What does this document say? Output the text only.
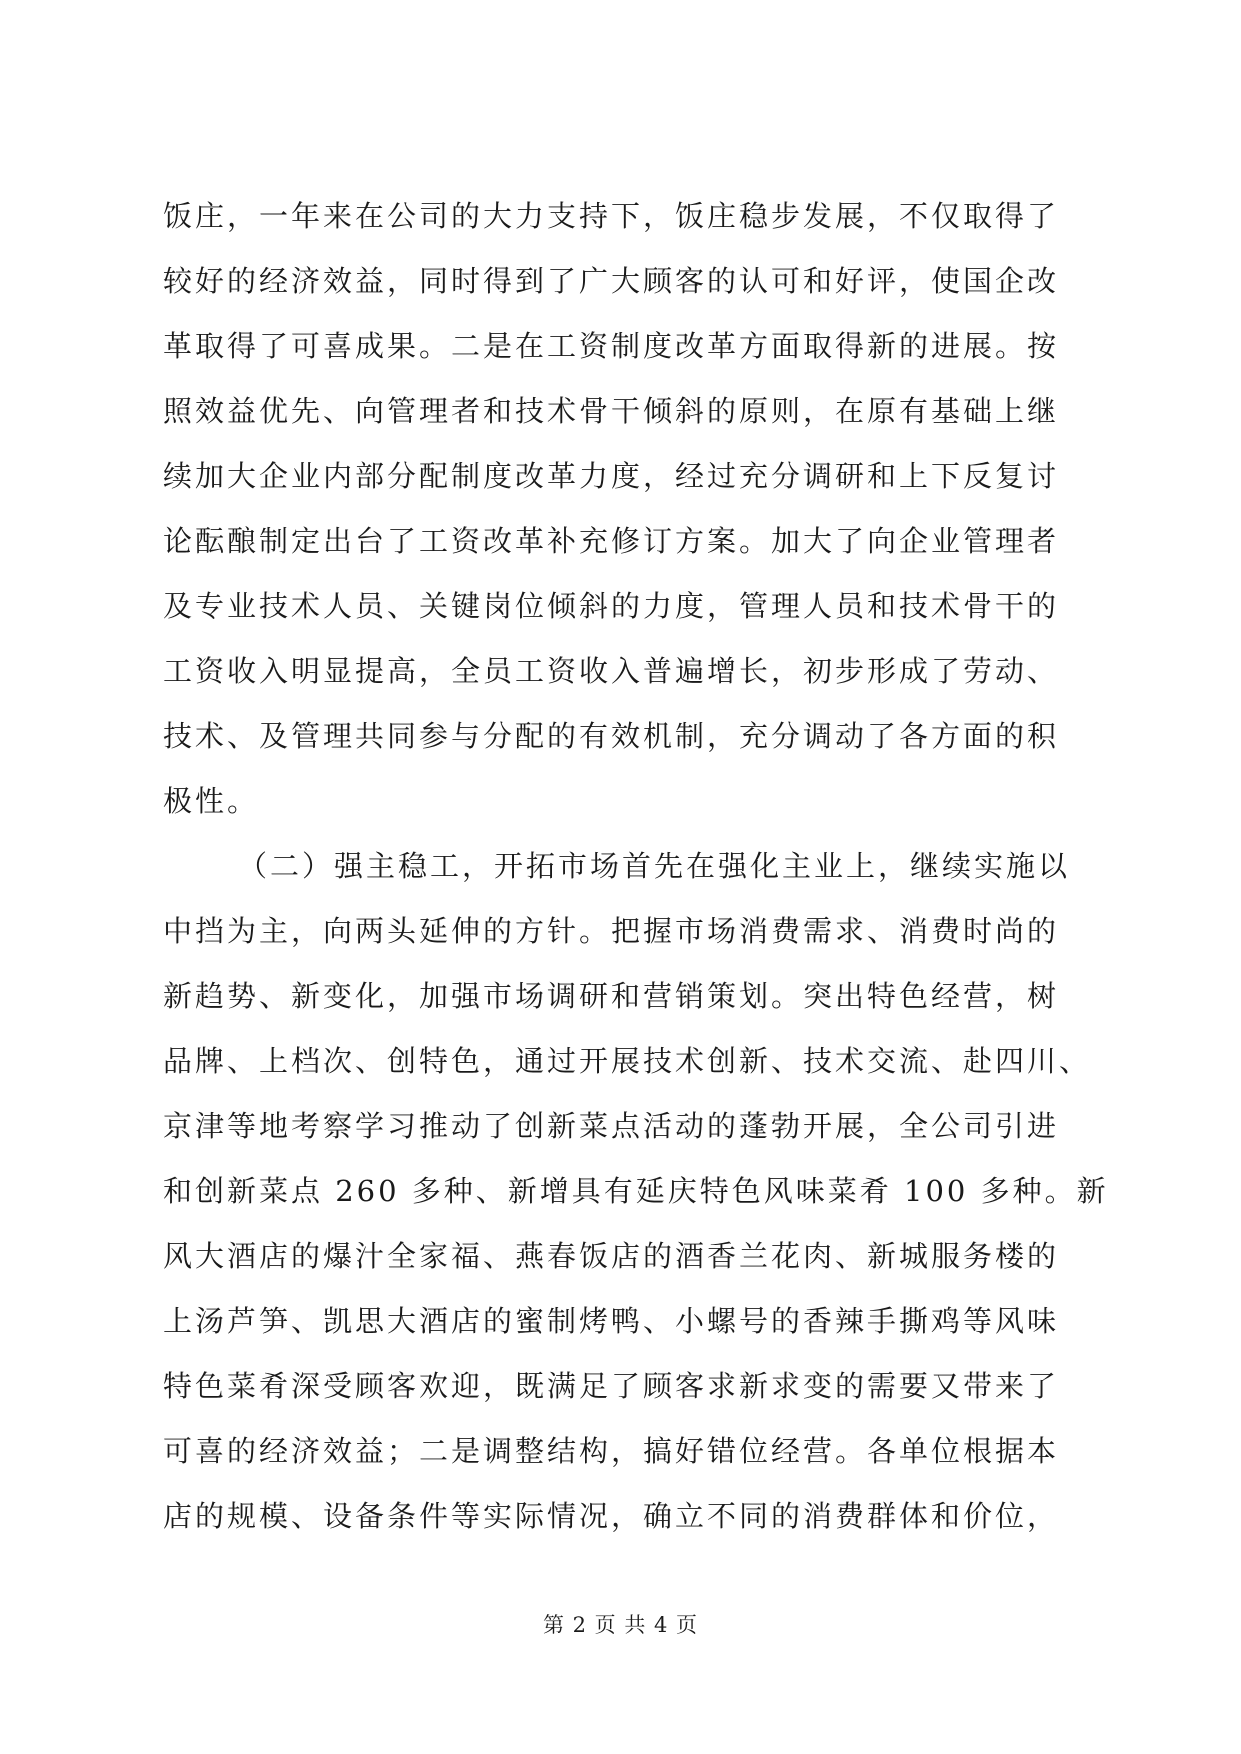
饭庄，一年来在公司的大力支持下，饭庄稳步发展，不仅取得了
较好的经济效益，同时得到了广大顾客的认可和好评，使国企改
革取得了可喜成果。二是在工资制度改革方面取得新的进展。按
照效益优先、向管理者和技术骨干倾斜的原则，在原有基础上继
续加大企业内部分配制度改革力度，经过充分调研和上下反复讨
论酝酿制定出台了工资改革补充修订方案。加大了向企业管理者
及专业技术人员、关键岗位倾斜的力度，管理人员和技术骨干的
工资收入明显提高，全员工资收入普遍增长，初步形成了劳动、
技术、及管理共同参与分配的有效机制，充分调动了各方面的积
极性。
（二）强主稳工，开拓市场首先在强化主业上，继续实施以
中挡为主，向两头延伸的方针。把握市场消费需求、消费时尚的
新趋势、新变化，加强市场调研和营销策划。突出特色经营，树
品牌、上档次、创特色，通过开展技术创新、技术交流、赴四川、
京津等地考察学习推动了创新菜点活动的蓬勃开展，全公司引进
和创新菜点 260 多种、新增具有延庆特色风味菜肴 100 多种。新
风大酒店的爆汁全家福、燕春饭店的酒香兰花肉、新城服务楼的
上汤芦笋、凯思大酒店的蜜制烤鸭、小螺号的香辣手撕鸡等风味
特色菜肴深受顾客欢迎，既满足了顾客求新求变的需要又带来了
可喜的经济效益；二是调整结构，搞好错位经营。各单位根据本
店的规模、设备条件等实际情况，确立不同的消费群体和价位，
第 2 页 共 4 页
